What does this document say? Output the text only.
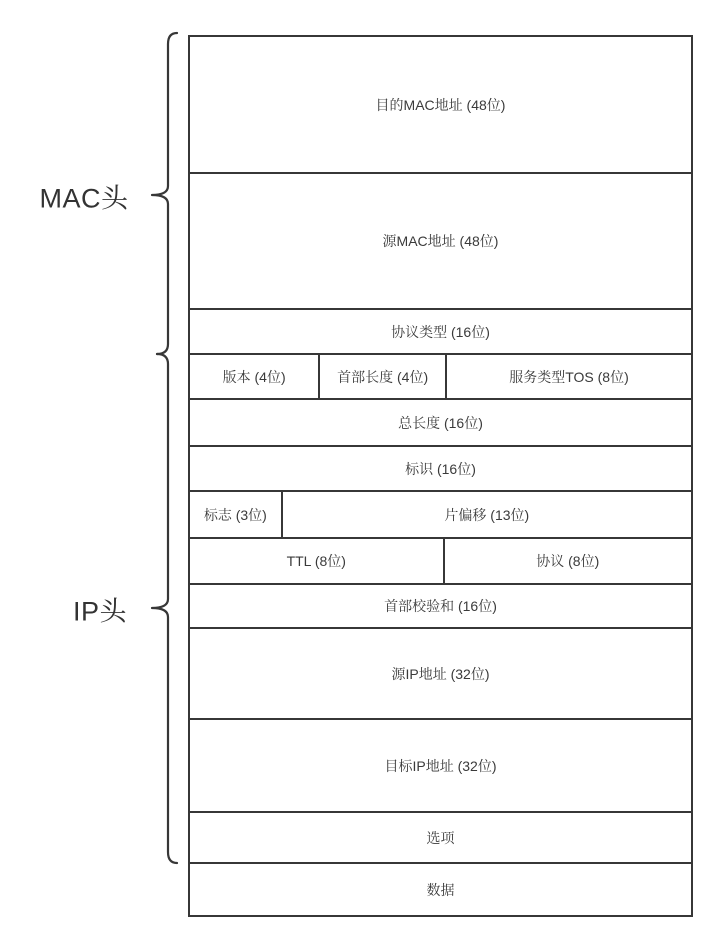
MAC头
IP头
目的MAC地址 (48位)
源MAC地址 (48位)
协议类型 (16位)
版本 (4位)	首部长度 (4位)	服务类型TOS (8位)
总长度 (16位)
标识 (16位)
标志 (3位)	片偏移 (13位)
TTL (8位)	协议 (8位)
首部校验和 (16位)
源IP地址 (32位)
目标IP地址 (32位)
选项
数据
